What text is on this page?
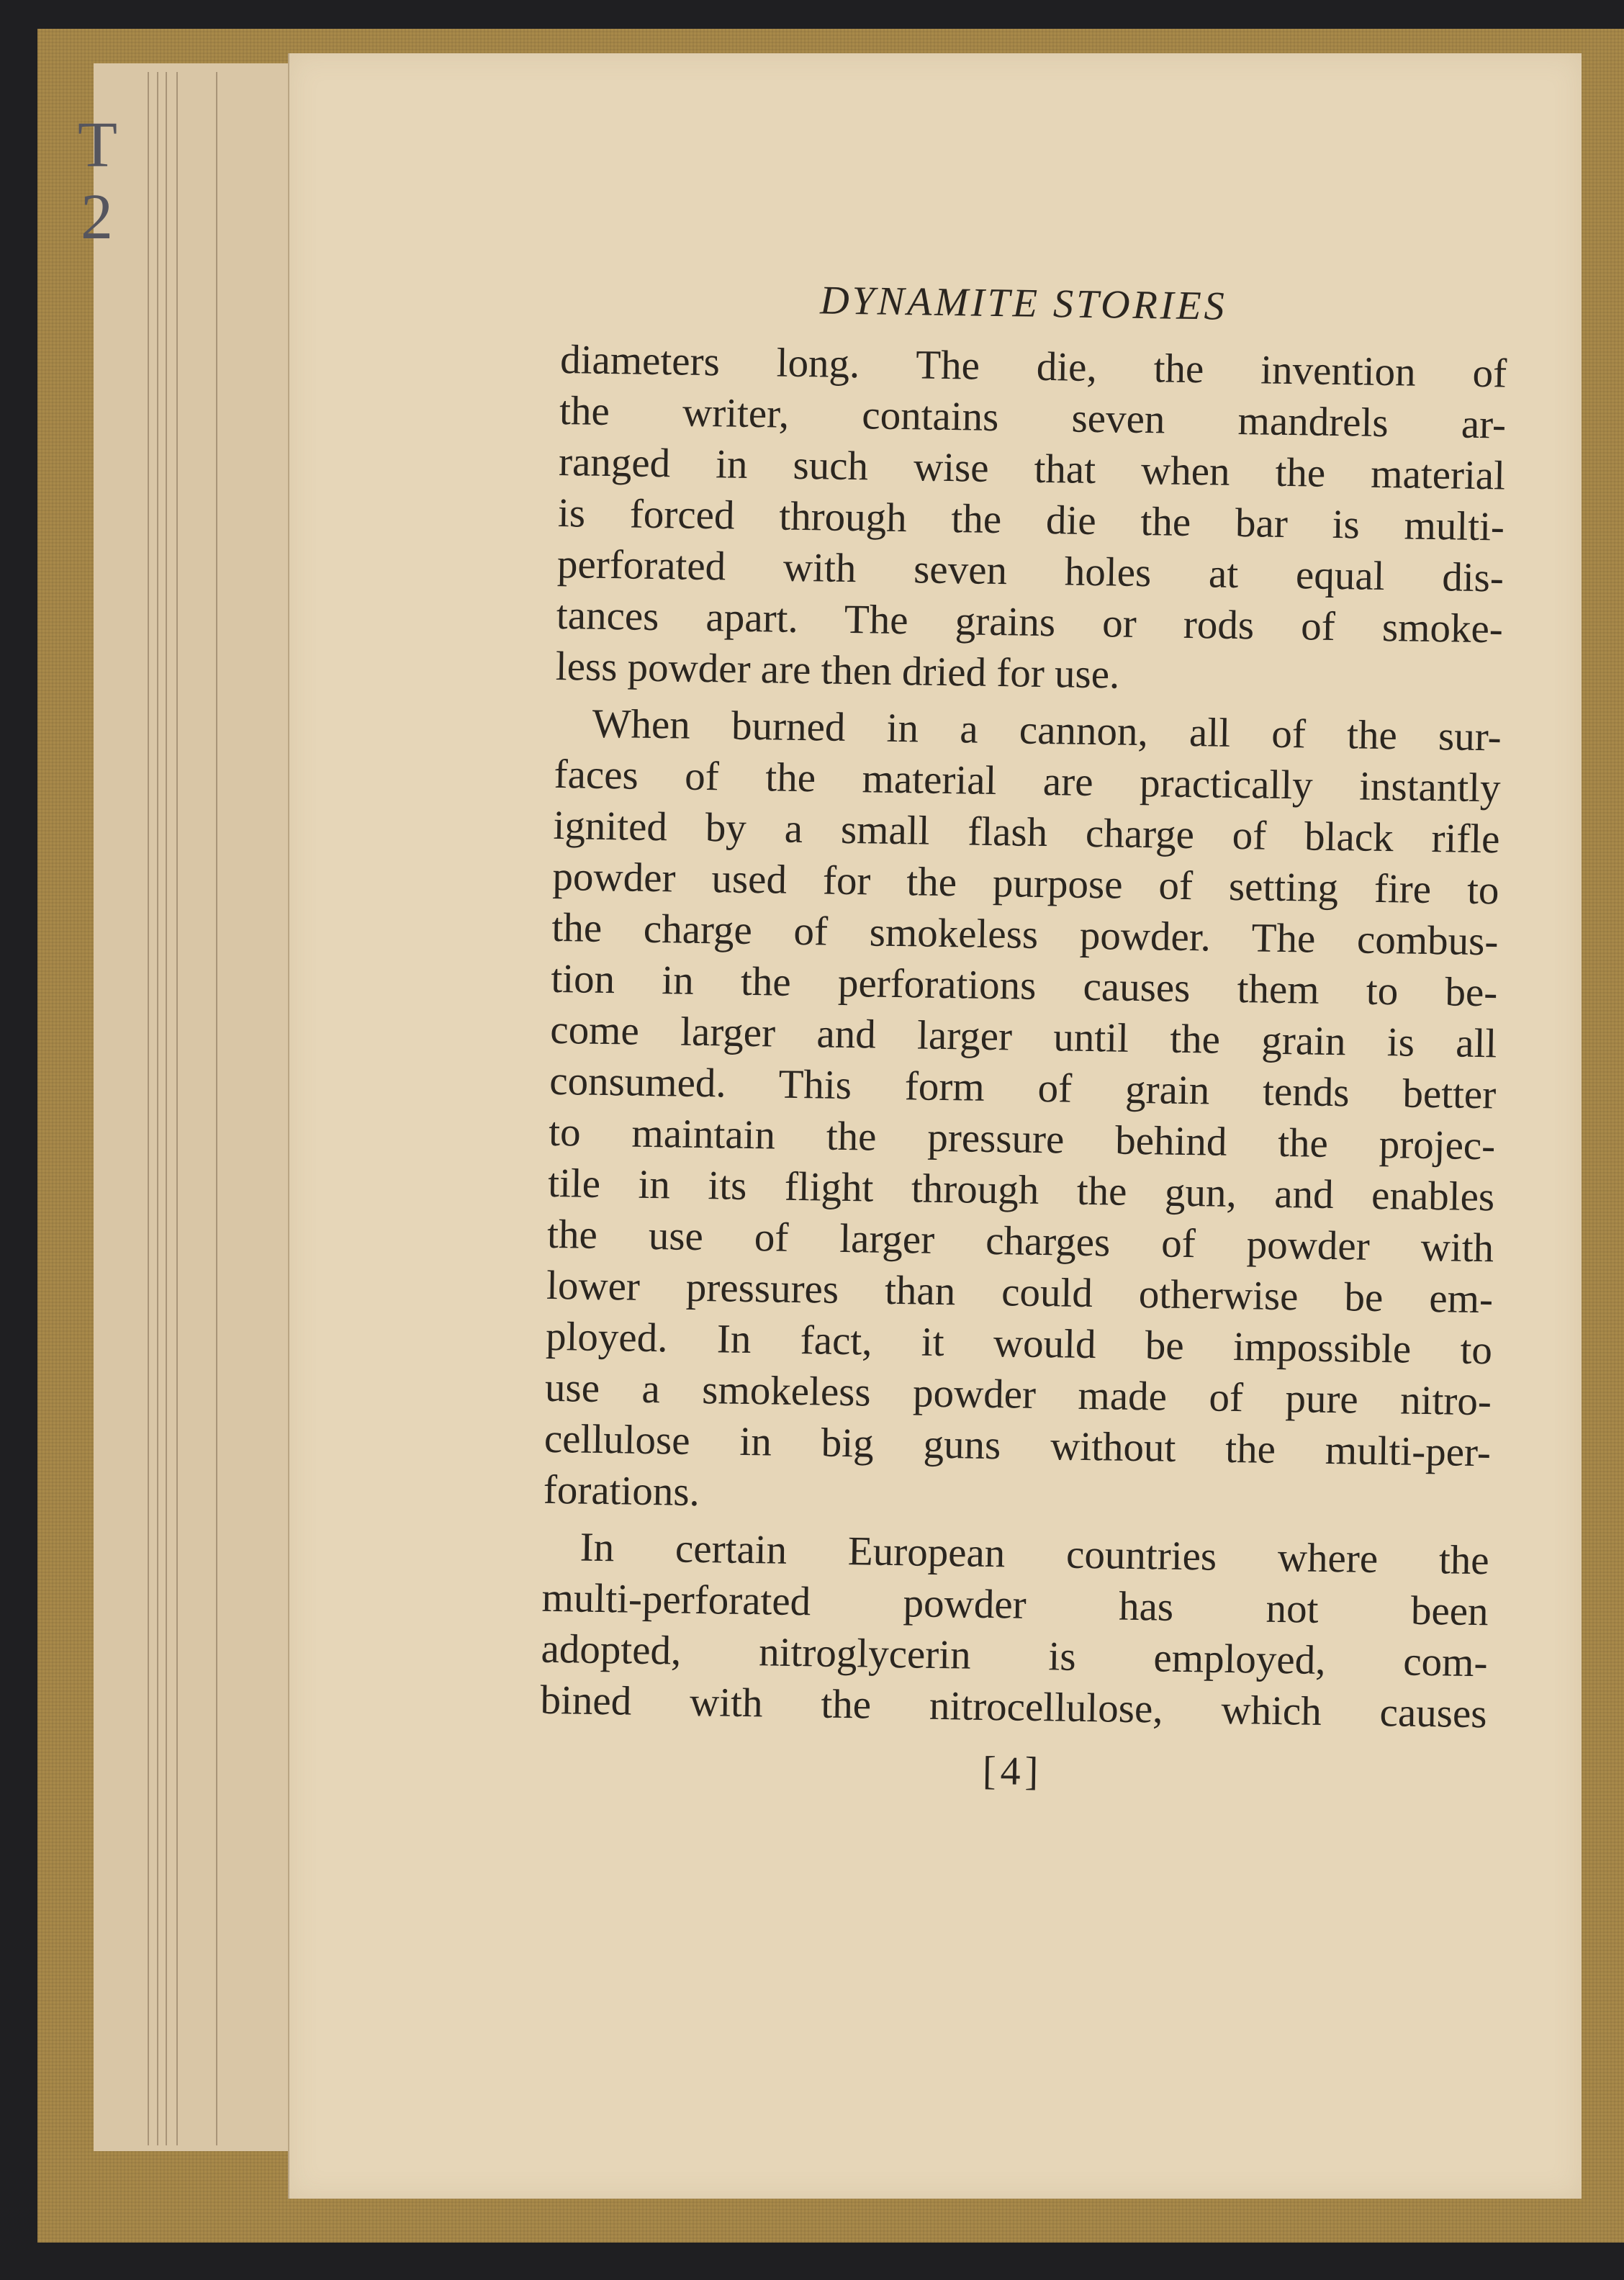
T
2
DYNAMITE STORIES
diameters long. The die, the invention of
the writer, contains seven mandrels ar-
ranged in such wise that when the material
is forced through the die the bar is multi-
perforated with seven holes at equal dis-
tances apart. The grains or rods of smoke-
less powder are then dried for use.
When burned in a cannon, all of the sur-
faces of the material are practically instantly
ignited by a small flash charge of black rifle
powder used for the purpose of setting fire to
the charge of smokeless powder. The combus-
tion in the perforations causes them to be-
come larger and larger until the grain is all
consumed. This form of grain tends better
to maintain the pressure behind the projec-
tile in its flight through the gun, and enables
the use of larger charges of powder with
lower pressures than could otherwise be em-
ployed. In fact, it would be impossible to
use a smokeless powder made of pure nitro-
cellulose in big guns without the multi-per-
forations.
In certain European countries where the
multi-perforated powder has not been
adopted, nitroglycerin is employed, com-
bined with the nitrocellulose, which causes
[4]
